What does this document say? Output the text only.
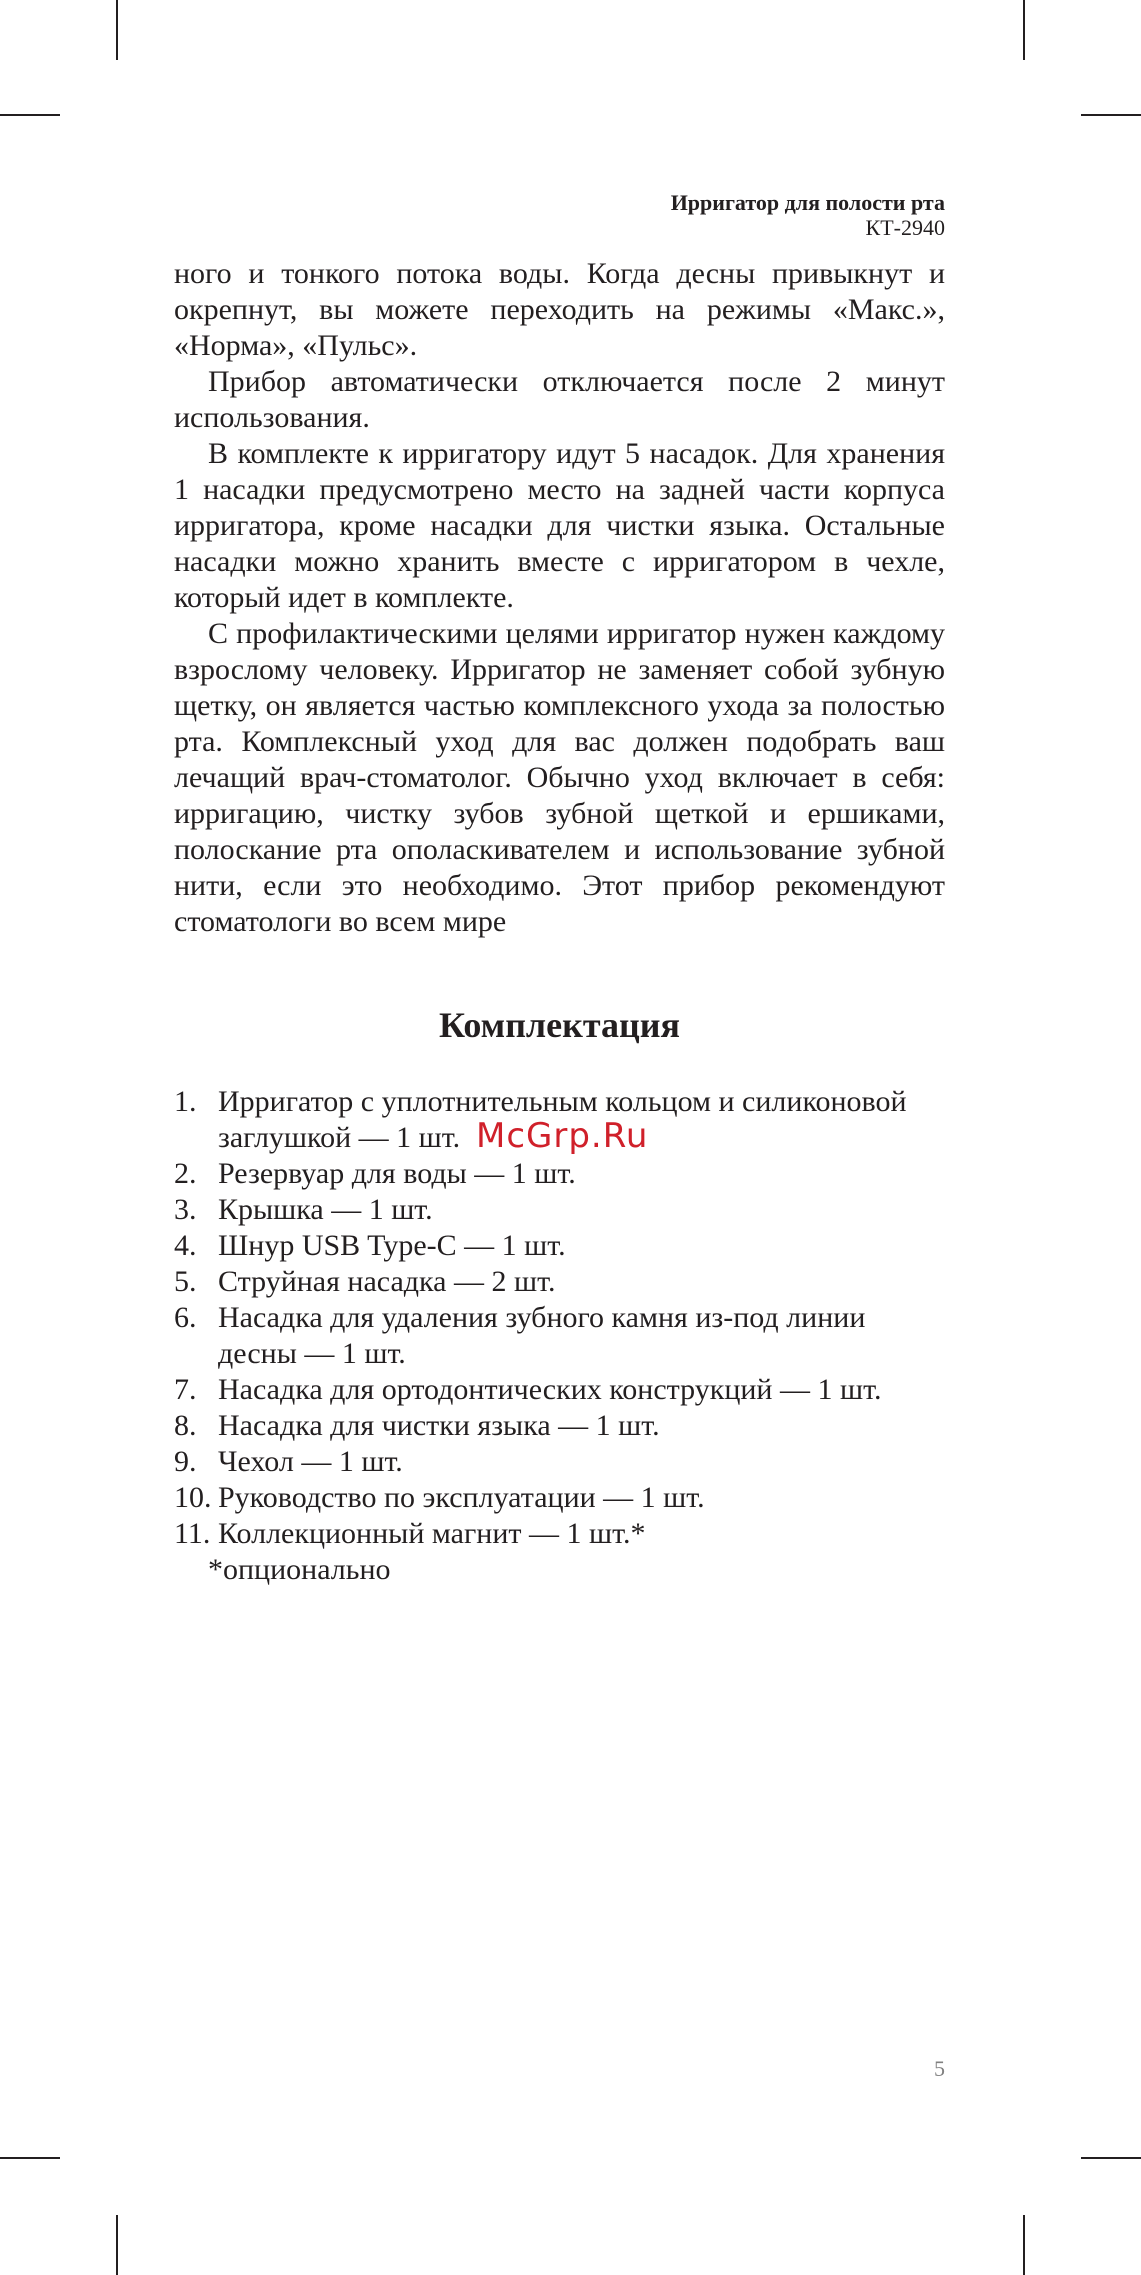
Ирригатор для полости рта
КТ-2940

ного и тонкого потока воды. Когда десны привыкнут и окрепнут, вы можете переходить на режимы «Макс.», «Норма», «Пульс».

Прибор автоматически отключается после 2 минут использования.

В комплекте к ирригатору идут 5 насадок. Для хранения 1 насадки предусмотрено место на задней части корпуса ирригатора, кроме насадки для чистки языка. Остальные насадки можно хранить вместе с ирригатором в чехле, который идет в комплекте.

С профилактическими целями ирригатор нужен каждому взрослому человеку. Ирригатор не заменяет собой зубную щетку, он является частью комплексного ухода за полостью рта. Комплексный уход для вас должен подобрать ваш лечащий врач-стоматолог. Обычно уход включает в себя: ирригацию, чистку зубов зубной щеткой и ершиками, полоскание рта ополаскивателем и использование зубной нити, если это необходимо. Этот прибор рекомендуют стоматологи во всем мире

Комплектация
1. Ирригатор с уплотнительным кольцом и силиконовой заглушкой — 1 шт.
2. Резервуар для воды — 1 шт.
3. Крышка — 1 шт.
4. Шнур USB Type-C — 1 шт.
5. Струйная насадка — 2 шт.
6. Насадка для удаления зубного камня из-под линии десны — 1 шт.
7. Насадка для ортодонтических конструкций — 1 шт.
8. Насадка для чистки языка — 1 шт.
9. Чехол — 1 шт.
10. Руководство по эксплуатации — 1 шт.
11. Коллекционный магнит — 1 шт.*
*опционально
McGrp.Ru
5
